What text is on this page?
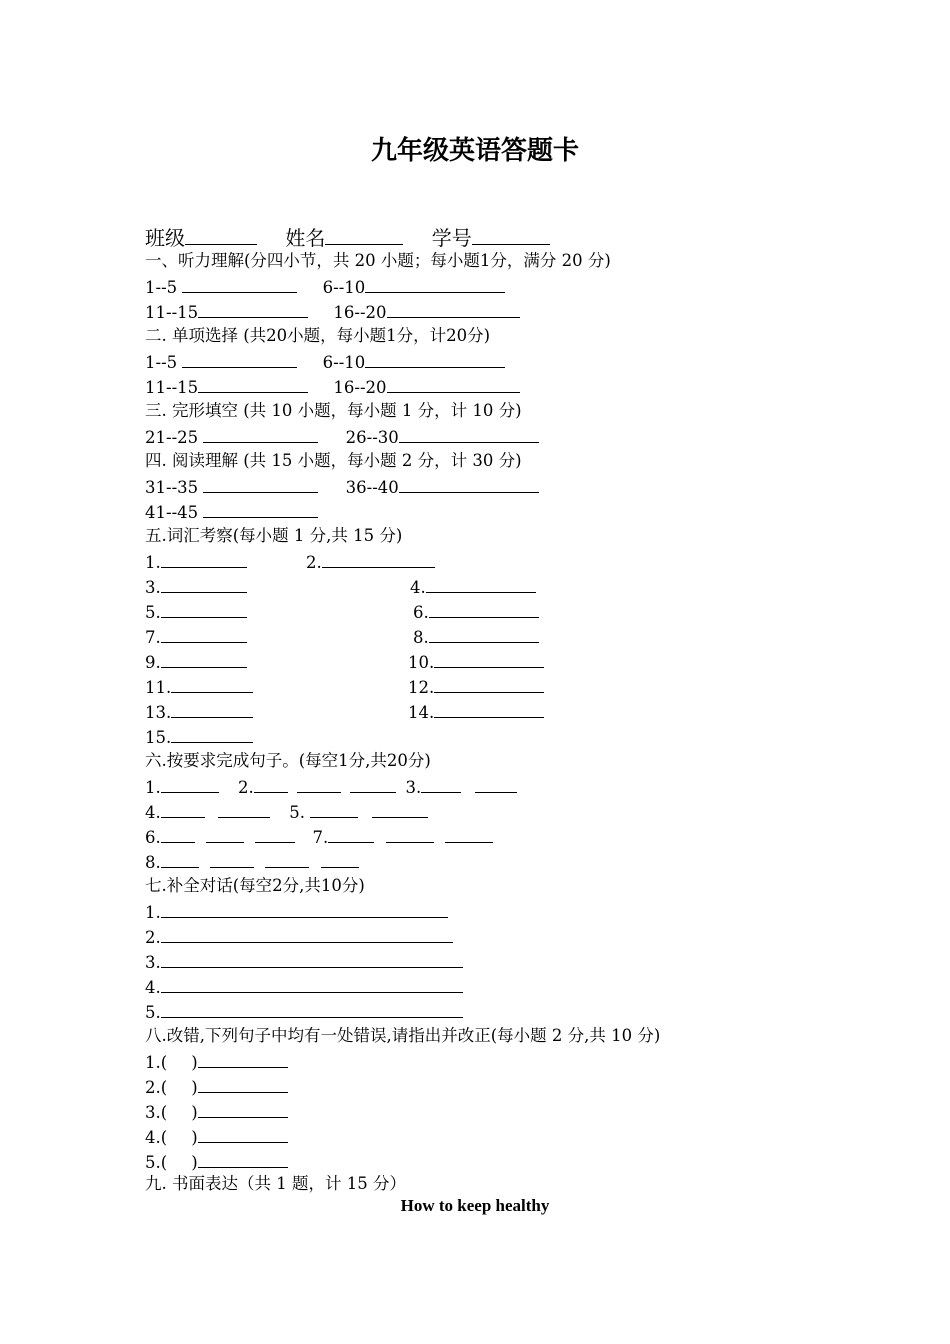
九年级英语答题卡
班级	姓名	学号
一、听力理解(分四小节，共 20 小题；每小题1分，满分 20 分)
1--5	6--10
11--15	16--20
二. 单项选择 (共20小题，每小题1分，计20分)
1--5	6--10
11--15	16--20
三. 完形填空 (共 10 小题，每小题 1 分，计 10 分)
21--25	26--30
四. 阅读理解 (共 15 小题，每小题 2 分，计 30 分)
31--35	36--40
41--45
五.词汇考察(每小题 1 分,共 15 分)
1.	2.
3.	4.
5.	6.
7.	8.
9.	10.
11.	12.
13.	14.
15.
六.按要求完成句子。(每空1分,共20分)
1.	2.	3.
4.	5.
6.	7.
8.
七.补全对话(每空2分,共10分)
1.
2.
3.
4.
5.
八.改错,下列句子中均有一处错误,请指出并改正(每小题 2 分,共 10 分)
1.( )
2.( )
3.( )
4.( )
5.( )
九. 书面表达（共 1 题，计 15 分）
How to keep healthy
